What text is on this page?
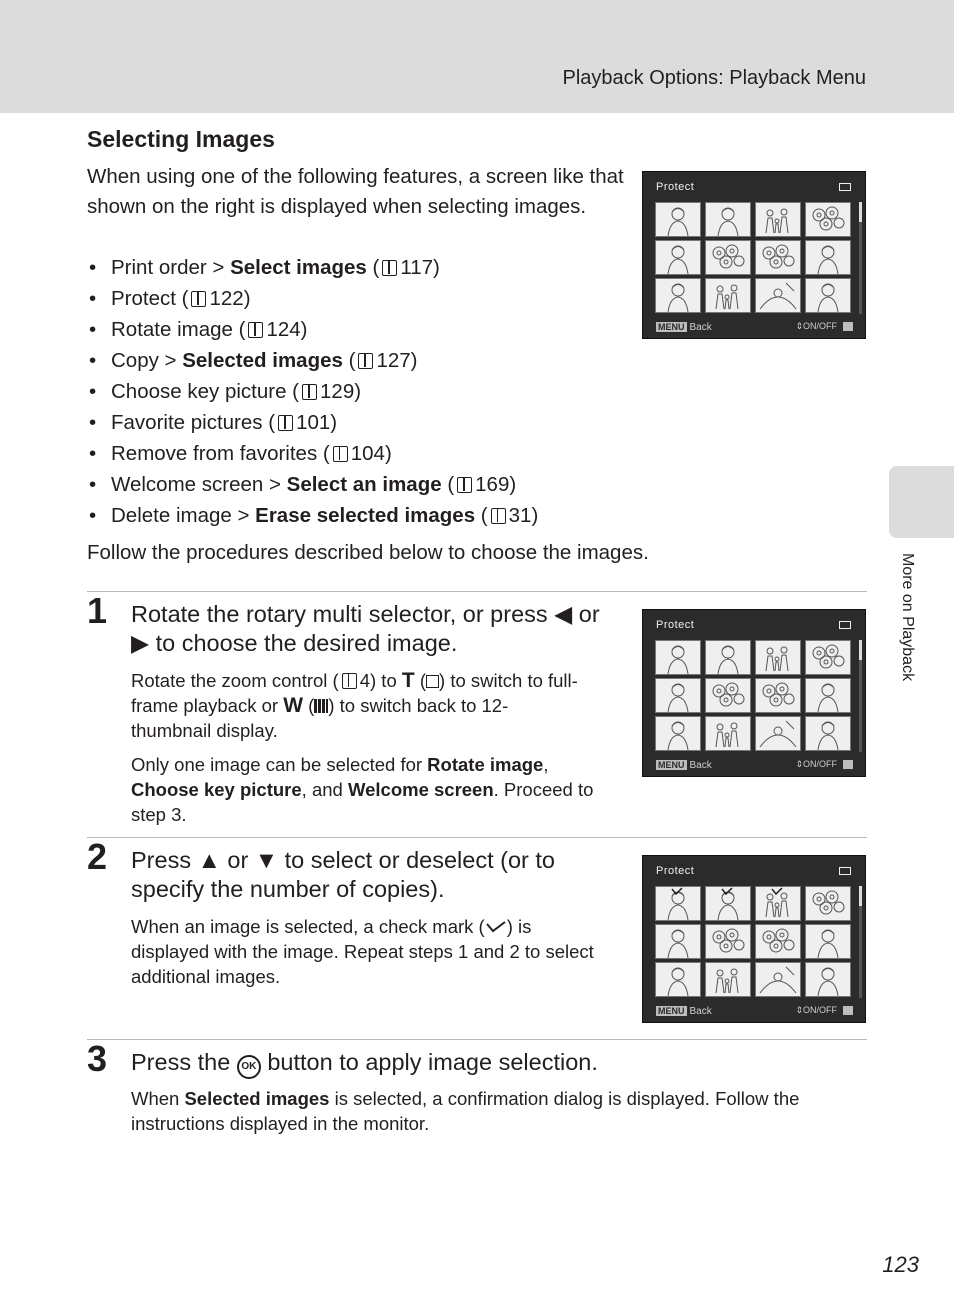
Playback Options: Playback Menu
More on Playback
Selecting Images

When using one of the following features, a screen like that shown on the right is displayed when selecting images.

• Print order > Select images ( 117)
• Protect ( 122)
• Rotate image ( 124)
• Copy > Selected images ( 127)
• Choose key picture ( 129)
• Favorite pictures ( 101)
• Remove from favorites ( 104)
• Welcome screen > Select an image ( 169)
• Delete image > Erase selected images ( 31)

Follow the procedures described below to choose the images.

1 Rotate the rotary multi selector, or press ◀ or
▶ to choose the desired image.

Rotate the zoom control ( 4) to T ( ) to switch to full-
frame playback or W ( ) to switch back to 12-
thumbnail display.

Only one image can be selected for Rotate image,
Choose key picture, and Welcome screen. Proceed to
step 3.

2 Press ▲ or ▼ to select or deselect (or to
specify the number of copies).

When an image is selected, a check mark ( ) is
displayed with the image. Repeat steps 1 and 2 to select
additional images.

3 Press the OK button to apply image selection.

When Selected images is selected, a confirmation dialog is displayed. Follow the
instructions displayed in the monitor.

Protect
MENU Back	⇕ON/OFF
Protect
MENU Back	⇕ON/OFF
Protect
MENU Back	⇕ON/OFF
123
